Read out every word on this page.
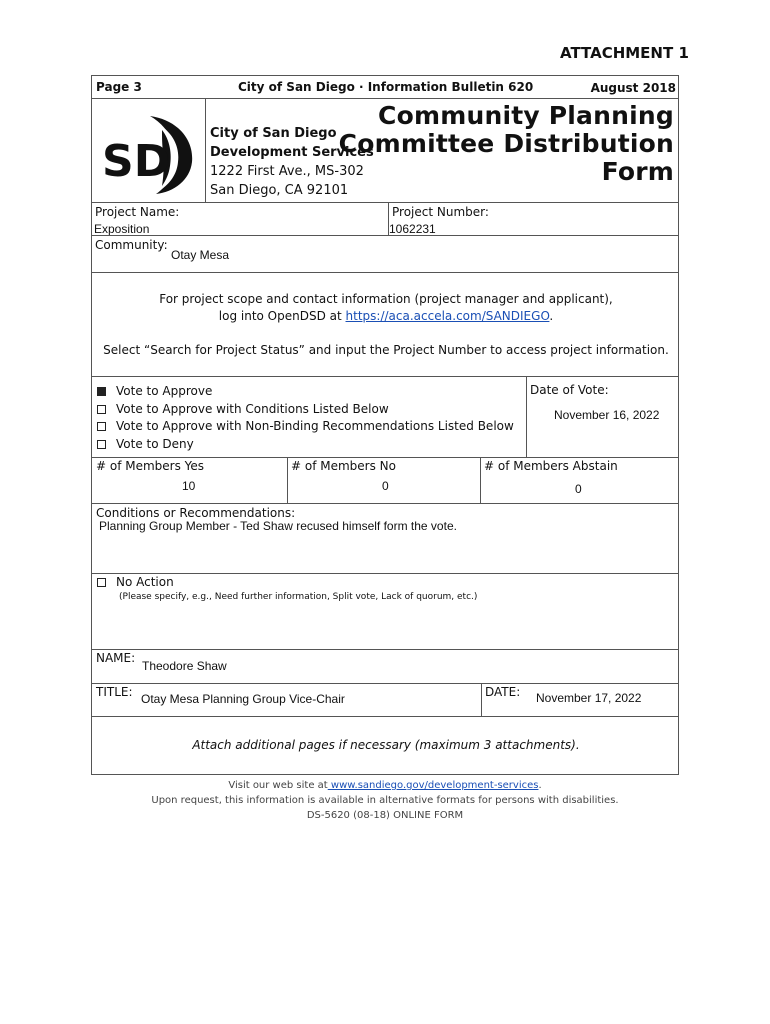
ATTACHMENT 1
Page 3	City of San Diego · Information Bulletin 620	August 2018
SD
City of San Diego
Development Services
1222 First Ave., MS-302
San Diego, CA 92101
Community Planning
Committee Distribution
Form
Project Name:
Exposition
Project Number:
1062231
Community:
Otay Mesa
For project scope and contact information (project manager and applicant),
log into OpenDSD at https://aca.accela.com/SANDIEGO.
Select “Search for Project Status” and input the Project Number to access project information.
Vote to Approve
Vote to Approve with Conditions Listed Below
Vote to Approve with Non-Binding Recommendations Listed Below
Vote to Deny
Date of Vote:
November 16, 2022
# of Members Yes
10
# of Members No
0
# of Members Abstain
0
Conditions or Recommendations:
Planning Group Member - Ted Shaw recused himself form the vote.
No Action
(Please specify, e.g., Need further information, Split vote, Lack of quorum, etc.)
NAME:
Theodore Shaw
TITLE: Otay Mesa Planning Group Vice-Chair	DATE: November 17, 2022
Attach additional pages if necessary (maximum 3 attachments).
Visit our web site at www.sandiego.gov/development-services.
Upon request, this information is available in alternative formats for persons with disabilities.
DS-5620 (08-18) ONLINE FORM
